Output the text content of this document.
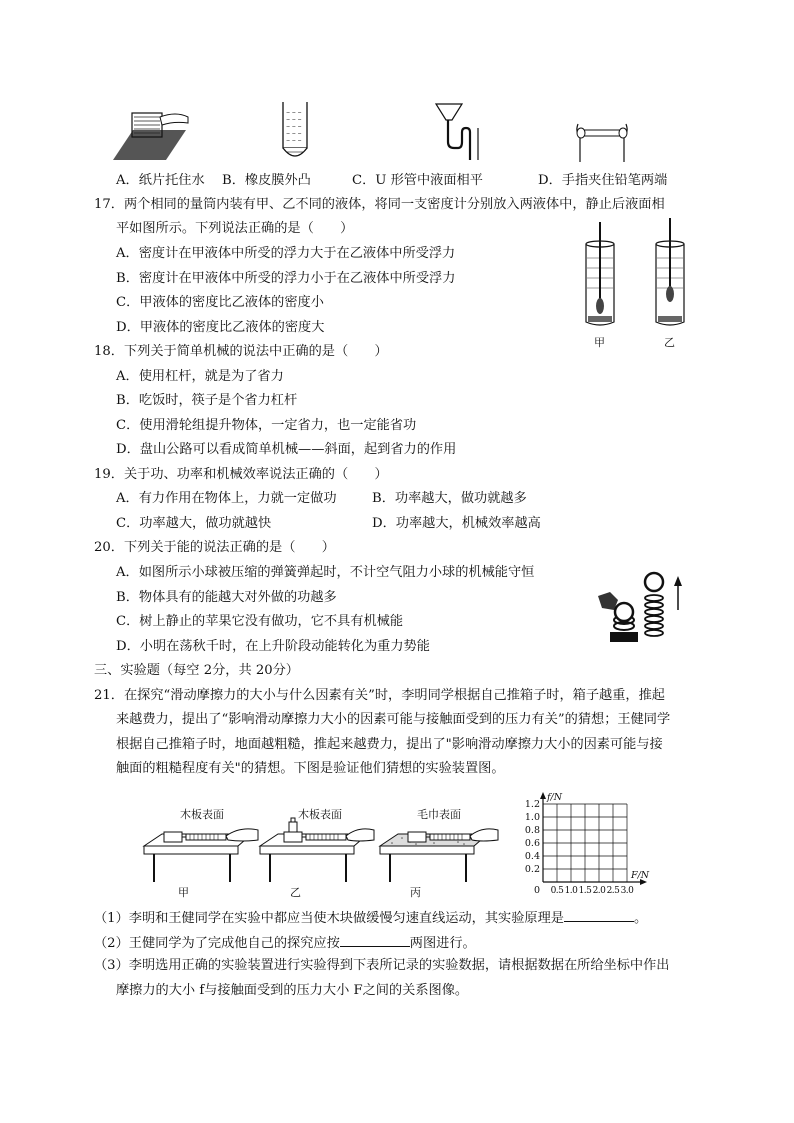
~ ~ ~
~ ~ ~
~ ~ ~
~ ~ ~
~ ~ ~
A．纸片托住水 B．橡皮膜外凸	C．U 形管中液面相平	D．手指夹住铅笔两端
17．两个相同的量筒内装有甲、乙不同的液体，将同一支密度计分别放入两液体中，静止后液面相
平如图所示。下列说法正确的是（　　）
A．密度计在甲液体中所受的浮力大于在乙液体中所受浮力
B．密度计在甲液体中所受的浮力小于在乙液体中所受浮力
C．甲液体的密度比乙液体的密度小
D．甲液体的密度比乙液体的密度大
甲	乙
18．下列关于简单机械的说法中正确的是（　　）
A．使用杠杆，就是为了省力
B．吃饭时，筷子是个省力杠杆
C．使用滑轮组提升物体，一定省力，也一定能省功
D．盘山公路可以看成简单机械——斜面，起到省力的作用
19．关于功、功率和机械效率说法正确的（　　）
A．有力作用在物体上，力就一定做功	B．功率越大，做功就越多
C．功率越大，做功就越快	D．功率越大，机械效率越高
20．下列关于能的说法正确的是（　　）
A．如图所示小球被压缩的弹簧弹起时，不计空气阻力小球的机械能守恒
B．物体具有的能越大对外做的功越多
C．树上静止的苹果它没有做功，它不具有机械能
D．小明在荡秋千时，在上升阶段动能转化为重力势能
三、实验题（每空 2分，共 20分）
21．在探究“滑动摩擦力的大小与什么因素有关”时，李明同学根据自己推箱子时，箱子越重，推起
来越费力，提出了“影响滑动摩擦力大小的因素可能与接触面受到的压力有关”的猜想；王健同学
根据自己推箱子时，地面越粗糙，推起来越费力，提出了"影响滑动摩擦力大小的因素可能与接
触面的粗糙程度有关"的猜想。下图是验证他们猜想的实验装置图。
木板表面	木板表面	毛巾表面
甲	乙	丙
0.2
0.4
0.6
0.8
1.0
1.2
0.5 1.0 1.5 2.0 2.5 3.0
0
f/N
F/N
（1）李明和王健同学在实验中都应当使木块做缓慢匀速直线运动，其实验原理是	。
（2）王健同学为了完成他自己的探究应按	两图进行。
（3）李明选用正确的实验装置进行实验得到下表所记录的实验数据，请根据数据在所给坐标中作出
摩擦力的大小 f与接触面受到的压力大小 F之间的关系图像。
